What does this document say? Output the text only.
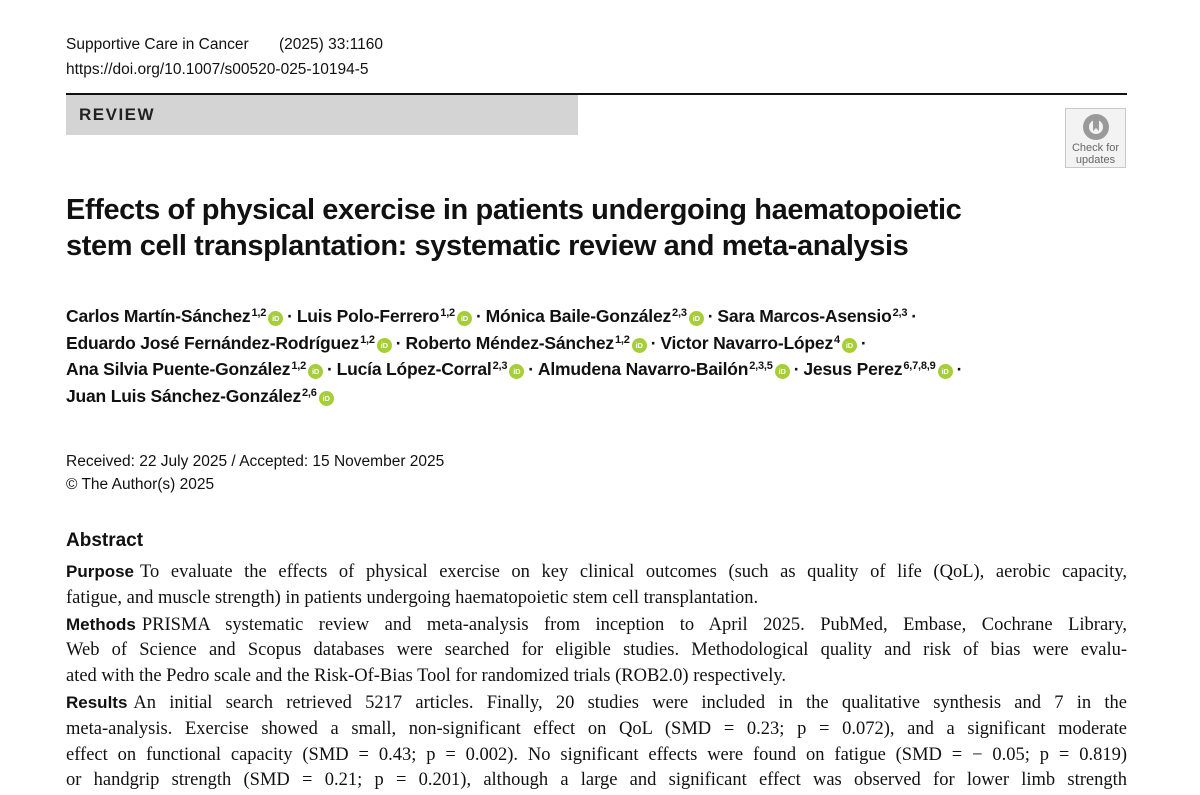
Supportive Care in Cancer (2025) 33:1160
https://doi.org/10.1007/s00520-025-10194-5
REVIEW
Check for
updates
Effects of physical exercise in patients undergoing haematopoietic
stem cell transplantation: systematic review and meta-analysis
Carlos Martín-Sánchez$^{1,2}$ iD · Luis Polo-Ferrero$^{1,2}$ iD · Mónica Baile-González$^{2,3}$ iD · Sara Marcos-Asensio$^{2,3}$ ·
Eduardo José Fernández-Rodríguez$^{1,2}$ iD · Roberto Méndez-Sánchez$^{1,2}$ iD · Victor Navarro-López$^4$ iD ·
Ana Silvia Puente-González$^{1,2}$ iD · Lucía López-Corral$^{2,3}$ iD · Almudena Navarro-Bailón$^{2,3,5}$ iD · Jesus Perez$^{6,7,8,9}$ iD ·
Juan Luis Sánchez-González$^{2,6}$ iD
Received: 22 July 2025 / Accepted: 15 November 2025
© The Author(s) 2025
Abstract
Purpose To evaluate the effects of physical exercise on key clinical outcomes (such as quality of life (QoL), aerobic capacity,
fatigue, and muscle strength) in patients undergoing haematopoietic stem cell transplantation.
Methods PRISMA systematic review and meta-analysis from inception to April 2025. PubMed, Embase, Cochrane Library,
Web of Science and Scopus databases were searched for eligible studies. Methodological quality and risk of bias were evalu-
ated with the Pedro scale and the Risk-Of-Bias Tool for randomized trials (ROB2.0) respectively.
Results An initial search retrieved 5217 articles. Finally, 20 studies were included in the qualitative synthesis and 7 in the
meta-analysis. Exercise showed a small, non-significant effect on QoL (SMD = 0.23; p = 0.072), and a significant moderate
effect on functional capacity (SMD = 0.43; p = 0.002). No significant effects were found on fatigue (SMD = − 0.05; p = 0.819)
or handgrip strength (SMD = 0.21; p = 0.201), although a large and significant effect was observed for lower limb strength
